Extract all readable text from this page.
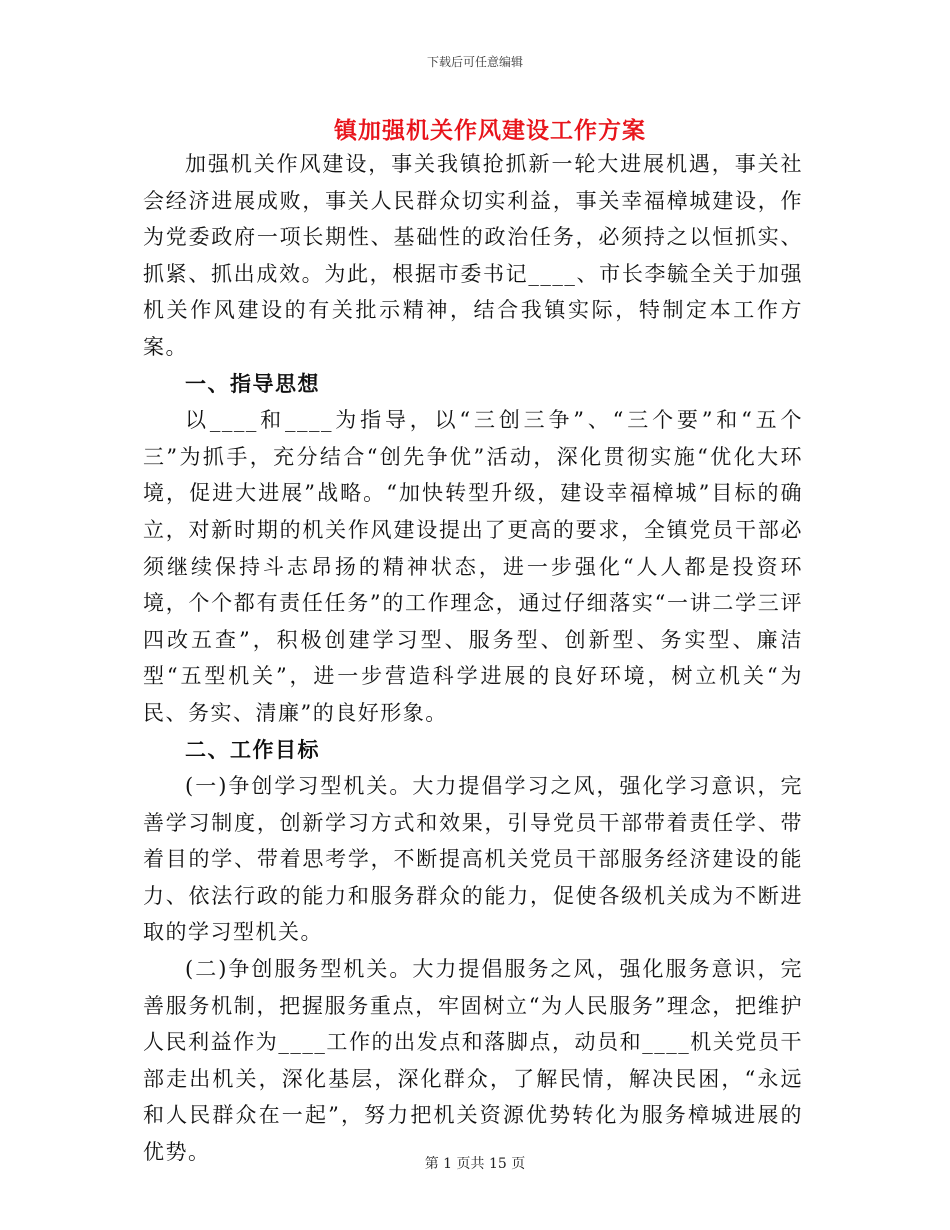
下载后可任意编辑
镇加强机关作风建设工作方案

加强机关作风建设，事关我镇抢抓新一轮大进展机遇，事关社会经济进展成败，事关人民群众切实利益，事关幸福樟城建设，作为党委政府一项长期性、基础性的政治任务，必须持之以恒抓实、抓紧、抓出成效。为此，根据市委书记____、市长李毓全关于加强机关作风建设的有关批示精神，结合我镇实际，特制定本工作方案。

一、指导思想

以____和____为指导，以“三创三争”、“三个要”和“五个三”为抓手，充分结合“创先争优”活动，深化贯彻实施“优化大环境，促进大进展”战略。“加快转型升级，建设幸福樟城”目标的确立，对新时期的机关作风建设提出了更高的要求，全镇党员干部必须继续保持斗志昂扬的精神状态，进一步强化“人人都是投资环境，个个都有责任任务”的工作理念，通过仔细落实“一讲二学三评四改五查”，积极创建学习型、服务型、创新型、务实型、廉洁型“五型机关”，进一步营造科学进展的良好环境，树立机关“为民、务实、清廉”的良好形象。

二、工作目标

(一)争创学习型机关。大力提倡学习之风，强化学习意识，完善学习制度，创新学习方式和效果，引导党员干部带着责任学、带着目的学、带着思考学，不断提高机关党员干部服务经济建设的能力、依法行政的能力和服务群众的能力，促使各级机关成为不断进取的学习型机关。

(二)争创服务型机关。大力提倡服务之风，强化服务意识，完善服务机制，把握服务重点，牢固树立“为人民服务”理念，把维护人民利益作为____工作的出发点和落脚点，动员和____机关党员干部走出机关，深化基层，深化群众，了解民情，解决民困，“永远和人民群众在一起”，努力把机关资源优势转化为服务樟城进展的优势。	第 1 页共 15 页
